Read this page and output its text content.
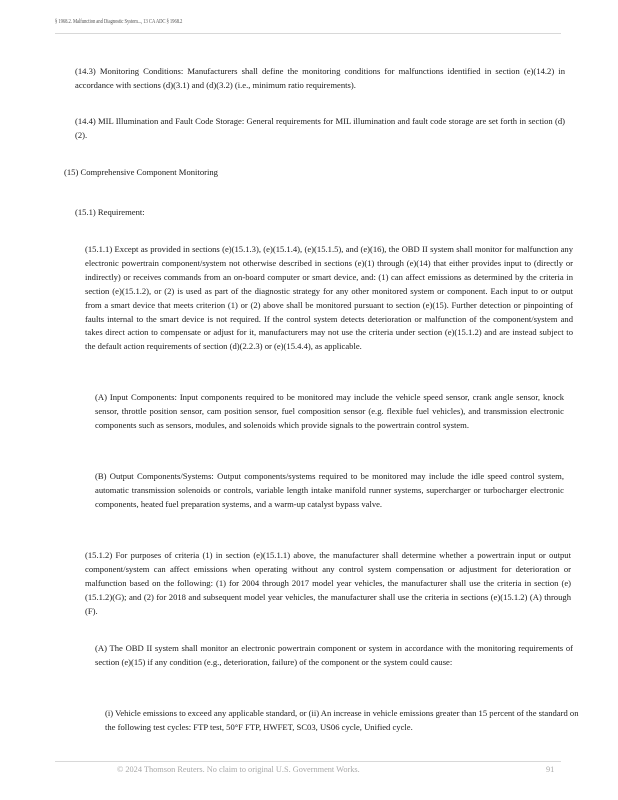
§ 1968.2. Malfunction and Diagnostic System..., 13 CA ADC § 1968.2

(14.3) Monitoring Conditions: Manufacturers shall define the monitoring conditions for malfunctions identified in section (e)(14.2) in accordance with sections (d)(3.1) and (d)(3.2) (i.e., minimum ratio requirements).

(14.4) MIL Illumination and Fault Code Storage: General requirements for MIL illumination and fault code storage are set forth in section (d)(2).

(15) Comprehensive Component Monitoring

(15.1) Requirement:

(15.1.1) Except as provided in sections (e)(15.1.3), (e)(15.1.4), (e)(15.1.5), and (e)(16), the OBD II system shall monitor for malfunction any electronic powertrain component/system not otherwise described in sections (e)(1) through (e)(14) that either provides input to (directly or indirectly) or receives commands from an on-board computer or smart device, and: (1) can affect emissions as determined by the criteria in section (e)(15.1.2), or (2) is used as part of the diagnostic strategy for any other monitored system or component. Each input to or output from a smart device that meets criterion (1) or (2) above shall be monitored pursuant to section (e)(15). Further detection or pinpointing of faults internal to the smart device is not required. If the control system detects deterioration or malfunction of the component/system and takes direct action to compensate or adjust for it, manufacturers may not use the criteria under section (e)(15.1.2) and are instead subject to the default action requirements of section (d)(2.2.3) or (e)(15.4.4), as applicable.

(A) Input Components: Input components required to be monitored may include the vehicle speed sensor, crank angle sensor, knock sensor, throttle position sensor, cam position sensor, fuel composition sensor (e.g. flexible fuel vehicles), and transmission electronic components such as sensors, modules, and solenoids which provide signals to the powertrain control system.

(B) Output Components/Systems: Output components/systems required to be monitored may include the idle speed control system, automatic transmission solenoids or controls, variable length intake manifold runner systems, supercharger or turbocharger electronic components, heated fuel preparation systems, and a warm-up catalyst bypass valve.

(15.1.2) For purposes of criteria (1) in section (e)(15.1.1) above, the manufacturer shall determine whether a powertrain input or output component/system can affect emissions when operating without any control system compensation or adjustment for deterioration or malfunction based on the following: (1) for 2004 through 2017 model year vehicles, the manufacturer shall use the criteria in section (e)(15.1.2)(G); and (2) for 2018 and subsequent model year vehicles, the manufacturer shall use the criteria in sections (e)(15.1.2) (A) through (F).

(A) The OBD II system shall monitor an electronic powertrain component or system in accordance with the monitoring requirements of section (e)(15) if any condition (e.g., deterioration, failure) of the component or the system could cause:

(i) Vehicle emissions to exceed any applicable standard, or (ii) An increase in vehicle emissions greater than 15 percent of the standard on the following test cycles: FTP test, 50°F FTP, HWFET, SC03, US06 cycle, Unified cycle.

© 2024 Thomson Reuters. No claim to original U.S. Government Works.	91
